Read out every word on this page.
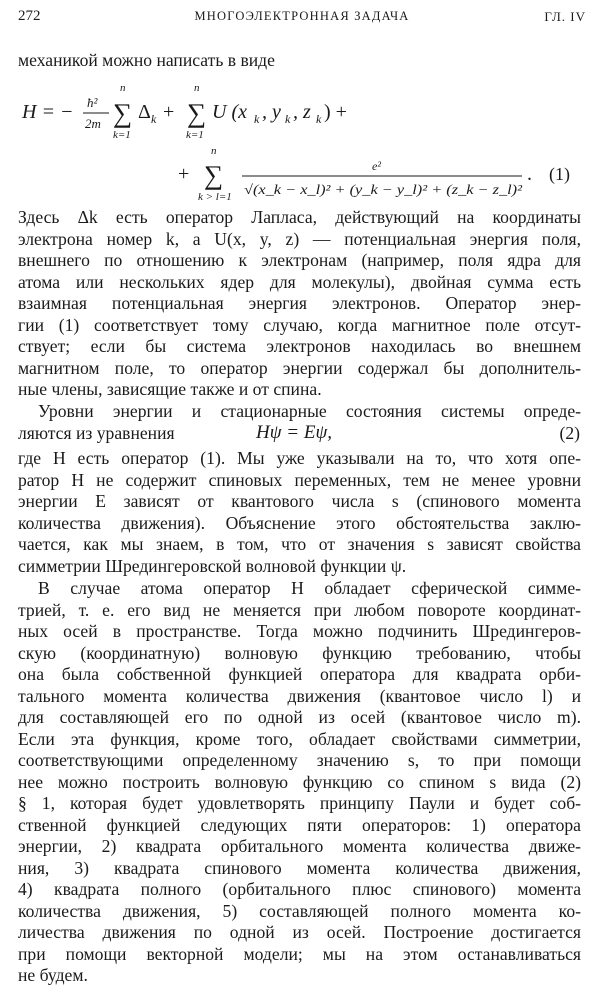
272	МНОГОЭЛЕКТРОННАЯ ЗАДАЧА	ГЛ. IV
механикой можно написать в виде
H = − ħ²
2m
n
∑
k=1
Δ k +
n
∑
k=1
U (x k , y k , z k ) +
+
n
∑
k > l=1
e²
√(x_k − x_l)² + (y_k − y_l)² + (z_k − z_l)²
. (1)
Здесь Δk есть оператор Лапласа, действующий на координаты
электрона номер k, а U(x, y, z) — потенциальная энергия поля,
внешнего по отношению к электронам (например, поля ядра для
атома или нескольких ядер для молекулы), двойная сумма есть
взаимная потенциальная энергия электронов. Оператор энер-
гии (1) соответствует тому случаю, когда магнитное поле отсут-
ствует; если бы система электронов находилась во внешнем
магнитном поле, то оператор энергии содержал бы дополнитель-
ные члены, зависящие также и от спина.
Уровни энергии и стационарные состояния системы опреде-
ляются из уравнения	Hψ = Eψ,	(2)
где H есть оператор (1). Мы уже указывали на то, что хотя опе-
ратор H не содержит спиновых переменных, тем не менее уровни
энергии E зависят от квантового числа s (спинового момента
количества движения). Объяснение этого обстоятельства заклю-
чается, как мы знаем, в том, что от значения s зависят свойства
симметрии Шредингеровской волновой функции ψ.
В случае атома оператор H обладает сферической симме-
трией, т. е. его вид не меняется при любом повороте координат-
ных осей в пространстве. Тогда можно подчинить Шредингеров-
скую (координатную) волновую функцию требованию, чтобы
она была собственной функцией оператора для квадрата орби-
тального момента количества движения (квантовое число l) и
для составляющей его по одной из осей (квантовое число m).
Если эта функция, кроме того, обладает свойствами симметрии,
соответствующими определенному значению s, то при помощи
нее можно построить волновую функцию со спином s вида (2)
§ 1, которая будет удовлетворять принципу Паули и будет соб-
ственной функцией следующих пяти операторов: 1) оператора
энергии, 2) квадрата орбитального момента количества движе-
ния, 3) квадрата спинового момента количества движения,
4) квадрата полного (орбитального плюс спинового) момента
количества движения, 5) составляющей полного момента ко-
личества движения по одной из осей. Построение достигается
при помощи векторной модели; мы на этом останавливаться
не будем.
